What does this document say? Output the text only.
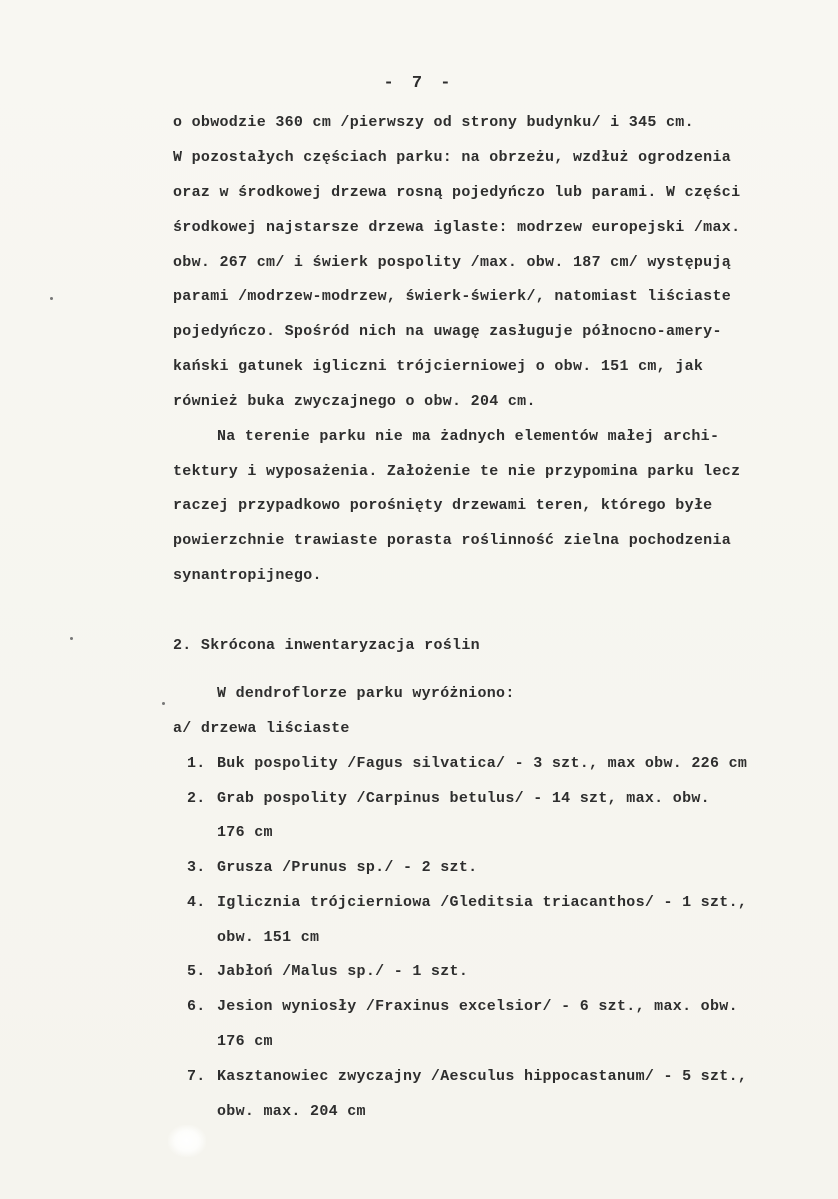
- 7 -
o obwodzie 360 cm /pierwszy od strony budynku/ i 345 cm.
W pozostałych częściach parku: na obrzeżu, wzdłuż ogrodzenia
oraz w środkowej drzewa rosną pojedyńczo lub parami. W części
środkowej najstarsze drzewa iglaste: modrzew europejski /max.
obw. 267 cm/ i świerk pospolity /max. obw. 187 cm/ występują
parami /modrzew-modrzew, świerk-świerk/, natomiast liściaste
pojedyńczo. Spośród nich na uwagę zasługuje północno-amery-
kański gatunek iglicznі trójcierniowej o obw. 151 cm, jak
również buka zwyczajnego o obw. 204 cm.
Na terenie parku nie ma żadnych elementów małej archi-
tektury i wyposażenia. Założenie te nie przypomina parku lecz
raczej przypadkowo porośnięty drzewami teren, którego byłe
powierzchnie trawiaste porasta roślinność zielna pochodzenia
synantropijnego.
2. Skrócona inwentaryzacja roślin
W dendroflorze parku wyróżniono:
a/ drzewa liściaste
1. Buk pospolity /Fagus silvatica/ - 3 szt., max obw. 226 cm
2. Grab pospolity /Carpinus betulus/ - 14 szt, max. obw.
176 cm
3. Grusza /Prunus sp./ - 2 szt.
4. Iglicznia trójcierniowa /Gleditsia triacanthos/ - 1 szt.,
obw. 151 cm
5. Jabłoń /Malus sp./ - 1 szt.
6. Jesion wyniosły /Fraxinus excelsior/ - 6 szt., max. obw.
176 cm
7. Kasztanowiec zwyczajny /Aesculus hippocastanum/ - 5 szt.,
obw. max. 204 cm
